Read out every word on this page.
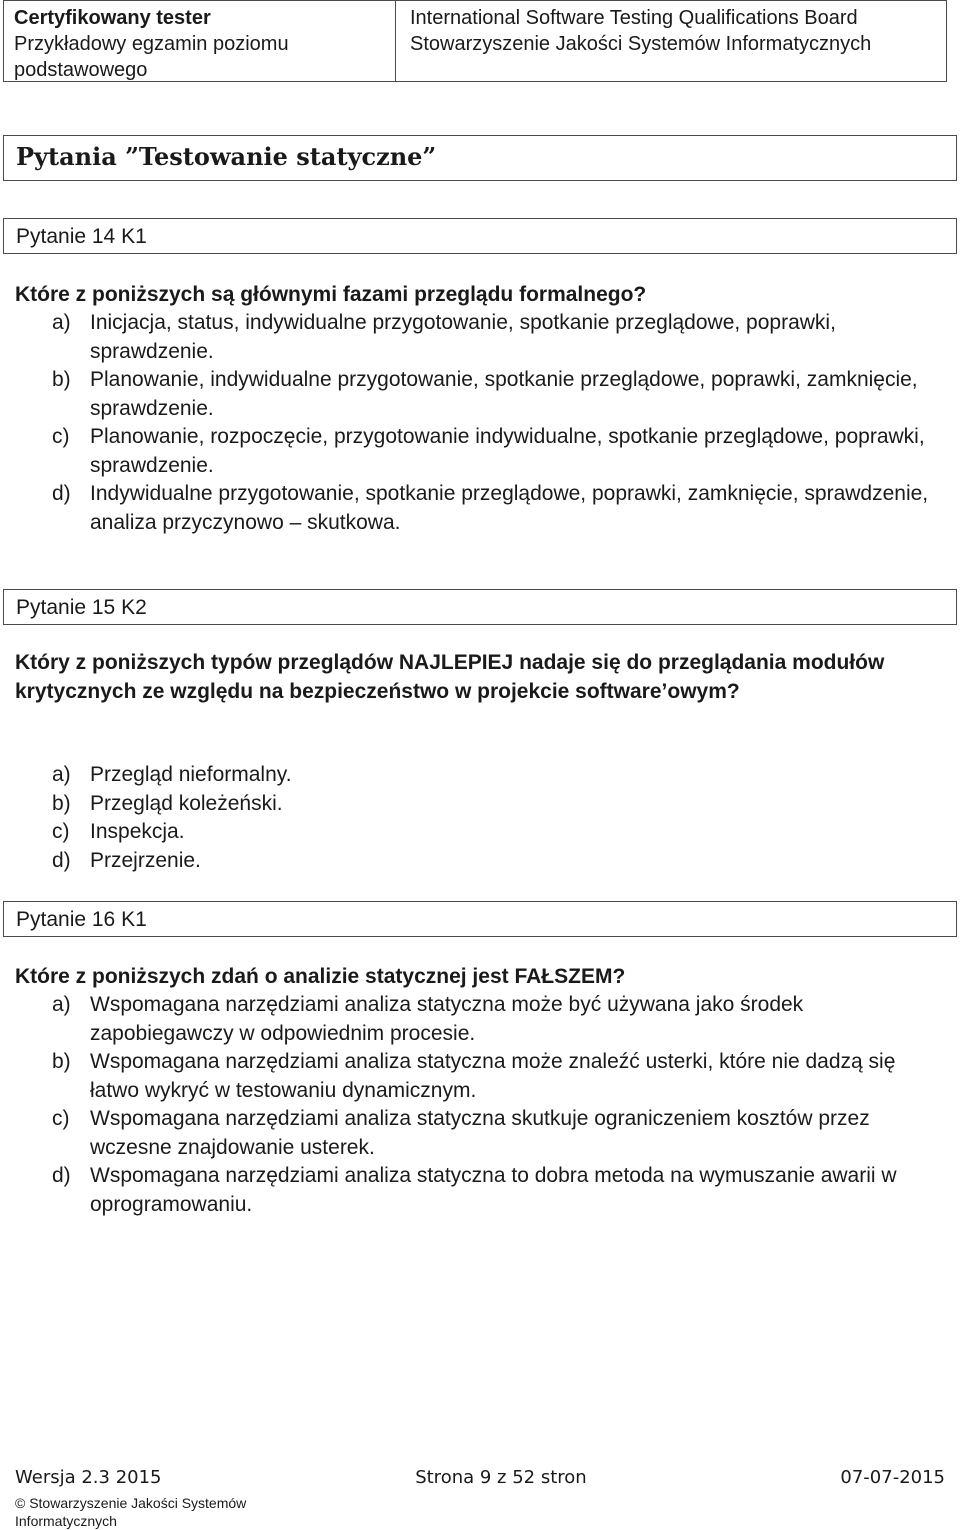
Certyfikowany tester
Przykładowy egzamin poziomu podstawowego
International Software Testing Qualifications Board
Stowarzyszenie Jakości Systemów Informatycznych
Pytania ”Testowanie statyczne”
Pytanie 14 K1
Które z poniższych są głównymi fazami przeglądu formalnego?
a) Inicjacja, status, indywidualne przygotowanie, spotkanie przeglądowe, poprawki, sprawdzenie.
b) Planowanie, indywidualne przygotowanie, spotkanie przeglądowe, poprawki, zamknięcie, sprawdzenie.
c) Planowanie, rozpoczęcie, przygotowanie indywidualne, spotkanie przeglądowe, poprawki, sprawdzenie.
d) Indywidualne przygotowanie, spotkanie przeglądowe, poprawki, zamknięcie, sprawdzenie, analiza przyczynowo – skutkowa.
Pytanie 15 K2
Który z poniższych typów przeglądów NAJLEPIEJ nadaje się do przeglądania modułów krytycznych ze względu na bezpieczeństwo w projekcie software’owym?
a) Przegląd nieformalny.
b) Przegląd koleżeński.
c) Inspekcja.
d) Przejrzenie.
Pytanie 16 K1
Które z poniższych zdań o analizie statycznej jest FAŁSZEM?
a) Wspomagana narzędziami analiza statyczna może być używana jako środek zapobiegawczy w odpowiednim procesie.
b) Wspomagana narzędziami analiza statyczna może znaleźć usterki, które nie dadzą się łatwo wykryć w testowaniu dynamicznym.
c) Wspomagana narzędziami analiza statyczna skutkuje ograniczeniem kosztów przez wczesne znajdowanie usterek.
d) Wspomagana narzędziami analiza statyczna to dobra metoda na wymuszanie awarii w oprogramowaniu.
Wersja 2.3 2015	Strona 9 z 52 stron	07-07-2015
© Stowarzyszenie Jakości Systemów Informatycznych
